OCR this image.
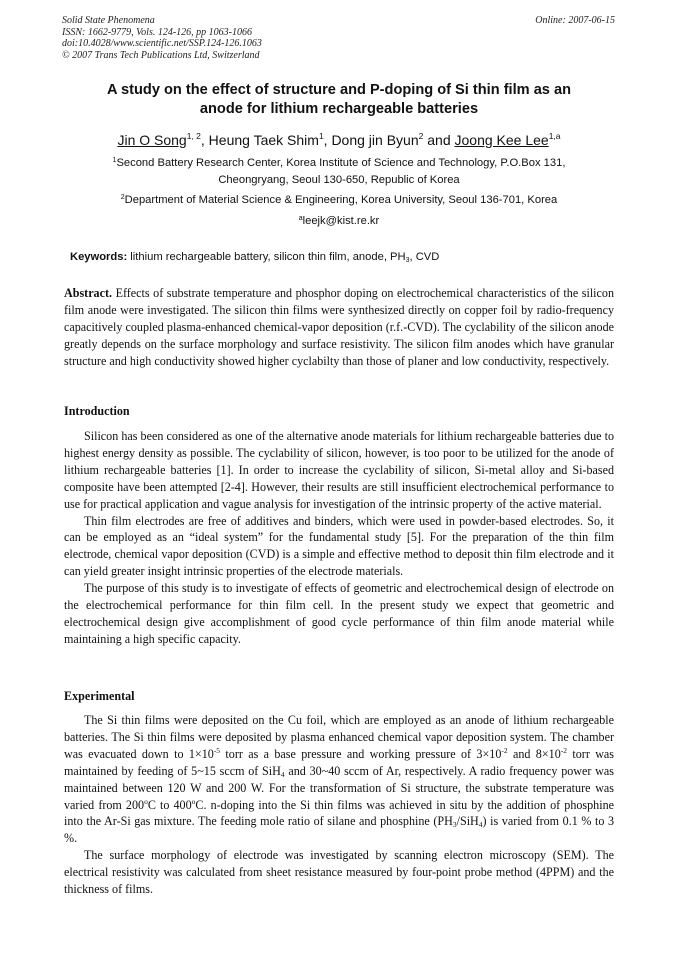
Solid State Phenomena
ISSN: 1662-9779, Vols. 124-126, pp 1063-1066
doi:10.4028/www.scientific.net/SSP.124-126.1063
© 2007 Trans Tech Publications Ltd, Switzerland
Online: 2007-06-15
A study on the effect of structure and P-doping of Si thin film as an
anode for lithium rechargeable batteries
Jin O Song$^{1, 2}$, Heung Taek Shim$^1$, Dong jin Byun$^2$ and Joong Kee Lee$^{1,a}$
$^1$Second Battery Research Center, Korea Institute of Science and Technology, P.O.Box 131,
Cheongryang, Seoul 130-650, Republic of Korea
$^2$Department of Material Science & Engineering, Korea University, Seoul 136-701, Korea
$^a$leejk@kist.re.kr
Keywords: lithium rechargeable battery, silicon thin film, anode, $PH_3$, CVD

Abstract. Effects of substrate temperature and phosphor doping on electrochemical characteristics of the silicon film anode were investigated. The silicon thin films were synthesized directly on copper foil by radio-frequency capacitively coupled plasma-enhanced chemical-vapor deposition (r.f.-CVD). The cyclability of the silicon anode greatly depends on the surface morphology and surface resistivity. The silicon film anodes which have granular structure and high conductivity showed higher cyclabilty than those of planer and low conductivity, respectively.

Introduction

Silicon has been considered as one of the alternative anode materials for lithium rechargeable batteries due to highest energy density as possible. The cyclability of silicon, however, is too poor to be utilized for the anode of lithium rechargeable batteries [1]. In order to increase the cyclability of silicon, Si-metal alloy and Si-based composite have been attempted [2-4]. However, their results are still insufficient electrochemical performance to use for practical application and vague analysis for investigation of the intrinsic property of the active material.

Thin film electrodes are free of additives and binders, which were used in powder-based electrodes. So, it can be employed as an “ideal system” for the fundamental study [5]. For the preparation of the thin film electrode, chemical vapor deposition (CVD) is a simple and effective method to deposit thin film electrode and it can yield greater insight intrinsic properties of the electrode materials.

The purpose of this study is to investigate of effects of geometric and electrochemical design of electrode on the electrochemical performance for thin film cell. In the present study we expect that geometric and electrochemical design give accomplishment of good cycle performance of thin film anode material while maintaining a high specific capacity.

Experimental

The Si thin films were deposited on the Cu foil, which are employed as an anode of lithium rechargeable batteries. The Si thin films were deposited by plasma enhanced chemical vapor deposition system. The chamber was evacuated down to $1\times 10^{-5}$ torr as a base pressure and working pressure of $3\times 10^{-2}$ and $8\times 10^{-2}$ torr was maintained by feeding of 5~15 sccm of SiH$_4$ and 30~40 sccm of Ar, respectively. A radio frequency power was maintained between 120 W and 200 W. For the transformation of Si structure, the substrate temperature was varied from 200$^o$C to 400$^o$C. n-doping into the Si thin films was achieved in situ by the addition of phosphine into the Ar-Si gas mixture. The feeding mole ratio of silane and phosphine $(PH_3/SiH_4)$ is varied from 0.1 % to 3 %.

The surface morphology of electrode was investigated by scanning electron microscopy (SEM). The electrical resistivity was calculated from sheet resistance measured by four-point probe method (4PPM) and the thickness of films.
